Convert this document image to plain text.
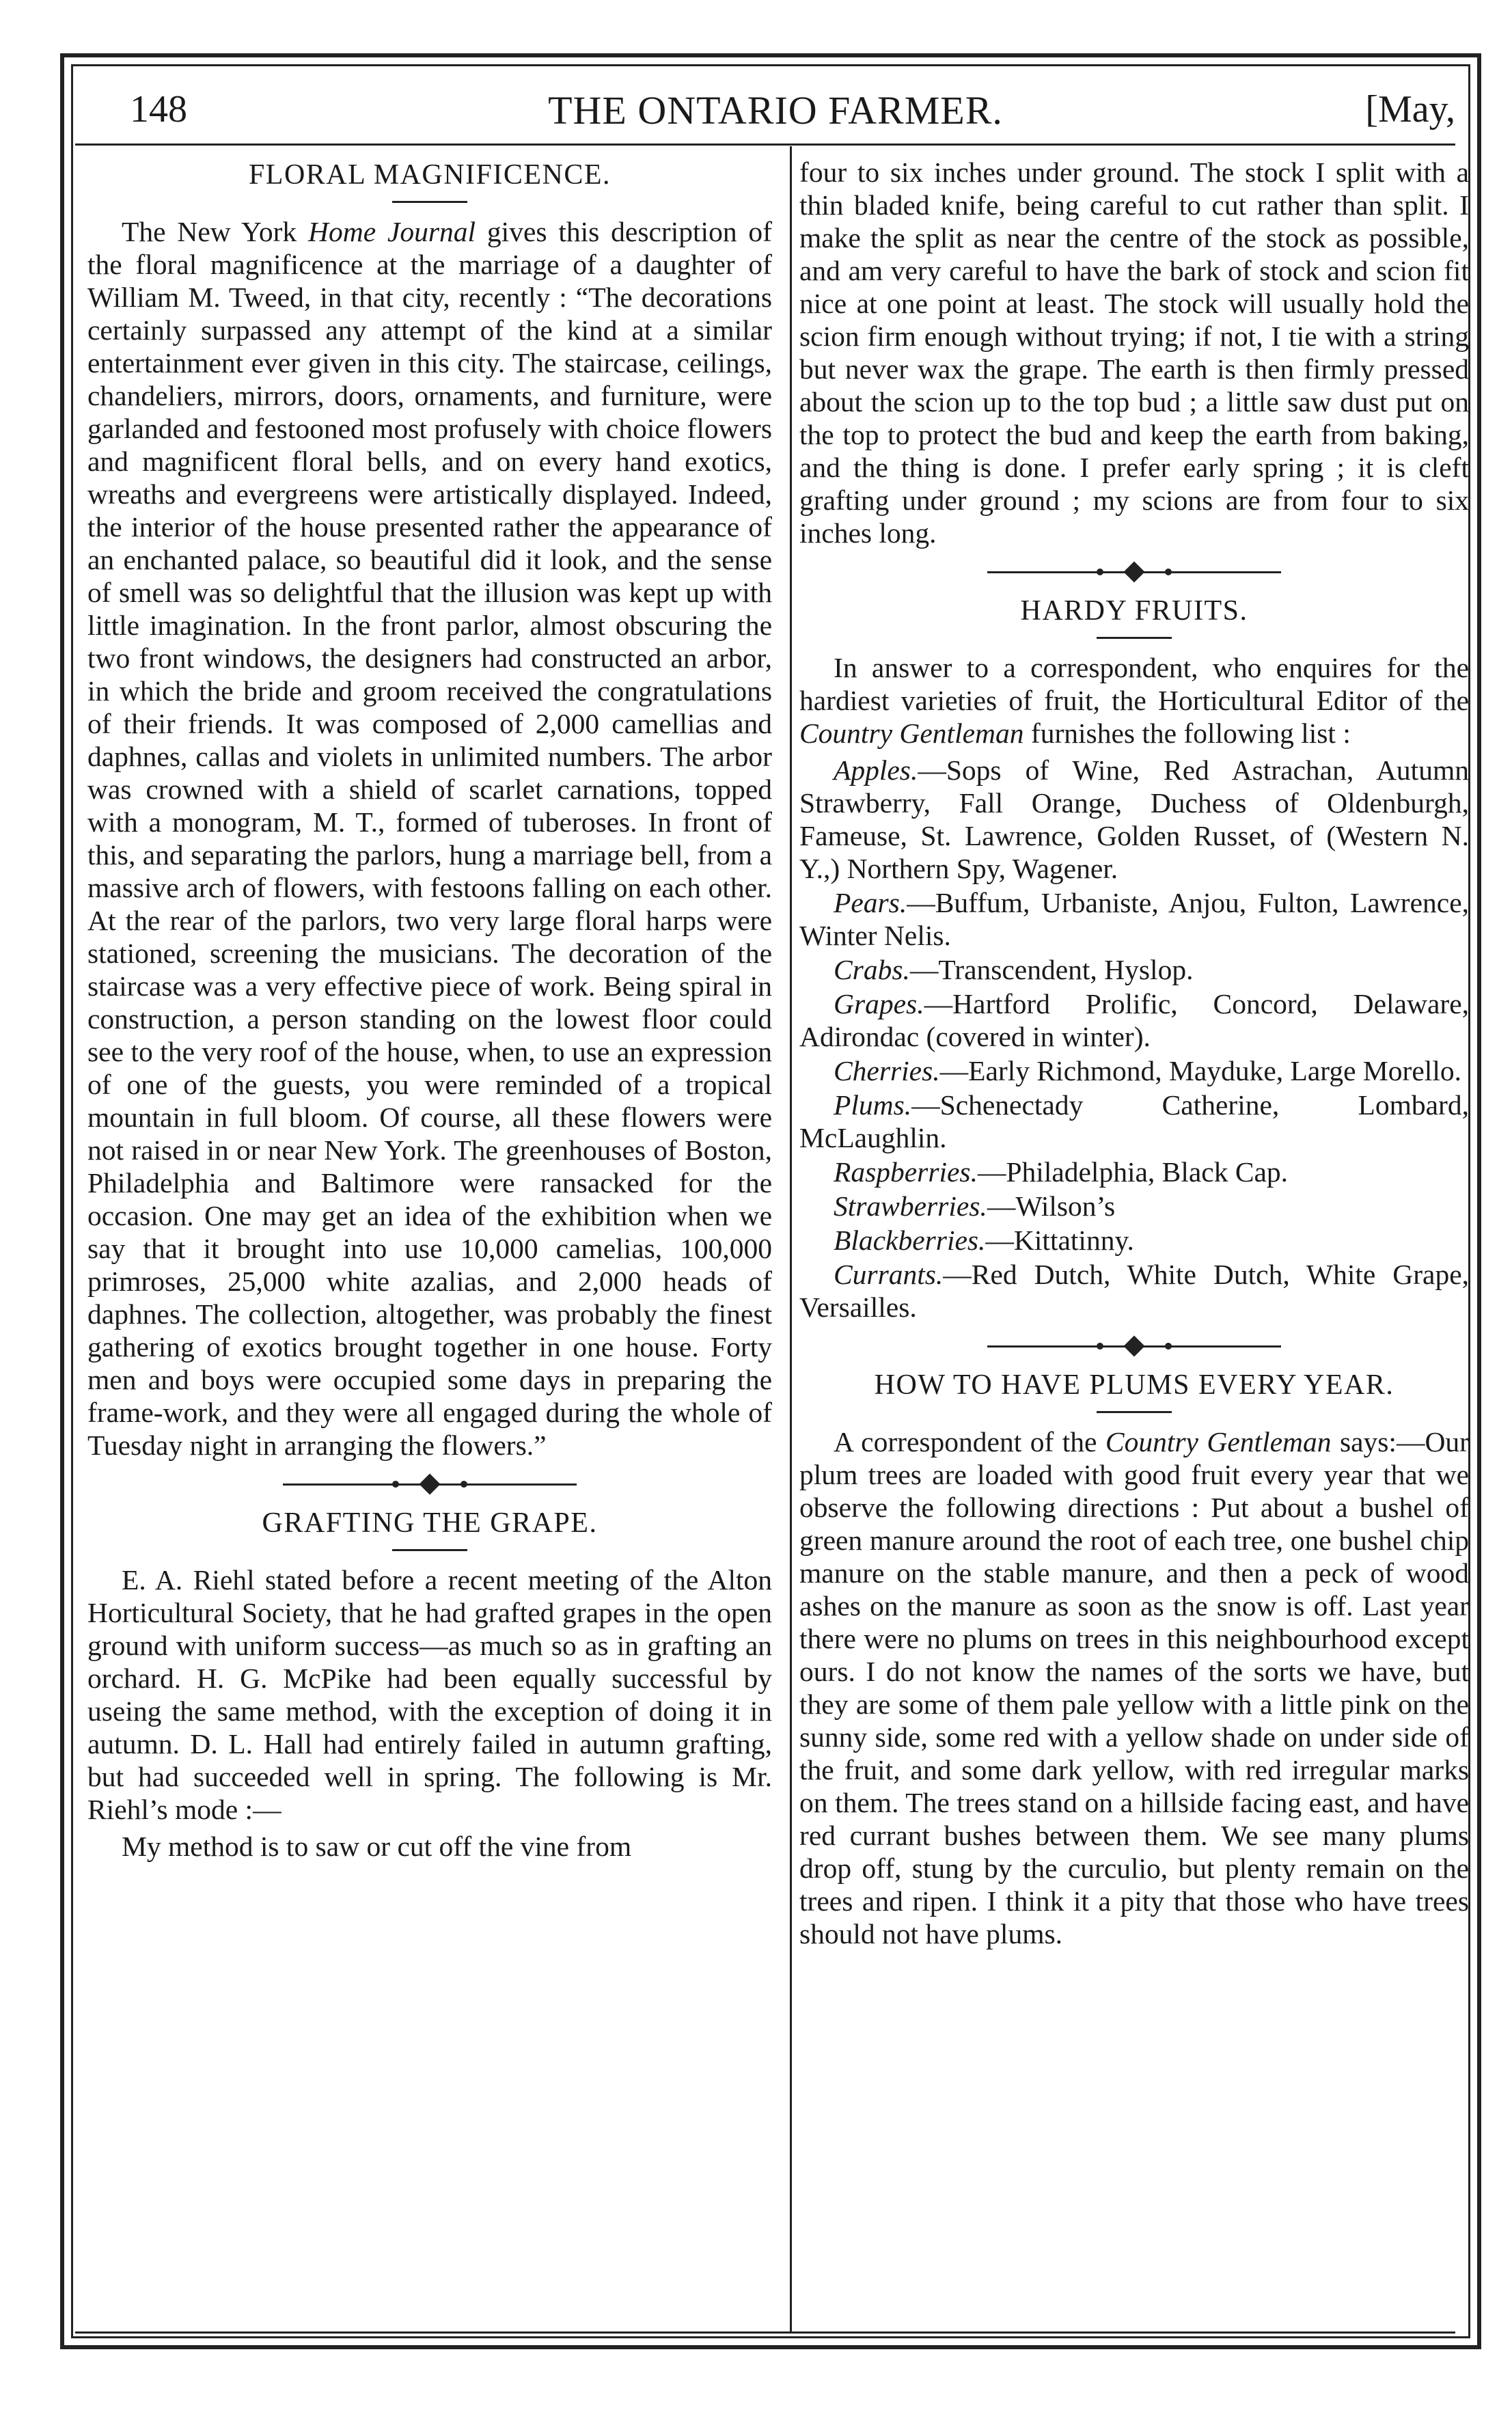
148	THE ONTARIO FARMER.	[May,
FLORAL MAGNIFICENCE.

The New York Home Journal gives this description of the floral magnificence at the marriage of a daughter of William M. Tweed, in that city, recently : “The decorations certainly surpassed any attempt of the kind at a similar entertainment ever given in this city. The staircase, ceilings, chandeliers, mirrors, doors, ornaments, and furniture, were garlanded and festooned most profusely with choice flowers and magnificent floral bells, and on every hand exotics, wreaths and evergreens were artistically displayed. Indeed, the interior of the house presented rather the appearance of an enchanted palace, so beautiful did it look, and the sense of smell was so delightful that the illusion was kept up with little imagination. In the front parlor, almost obscuring the two front windows, the designers had constructed an arbor, in which the bride and groom received the congratulations of their friends. It was composed of 2,000 camellias and daphnes, callas and violets in unlimited numbers. The arbor was crowned with a shield of scarlet carnations, topped with a monogram, M. T., formed of tuberoses. In front of this, and separating the parlors, hung a marriage bell, from a massive arch of flowers, with festoons falling on each other. At the rear of the parlors, two very large floral harps were stationed, screening the musicians. The decoration of the staircase was a very effective piece of work. Being spiral in construction, a person standing on the lowest floor could see to the very roof of the house, when, to use an expression of one of the guests, you were reminded of a tropical mountain in full bloom. Of course, all these flowers were not raised in or near New York. The greenhouses of Boston, Philadelphia and Baltimore were ransacked for the occasion. One may get an idea of the exhibition when we say that it brought into use 10,000 camelias, 100,000 primroses, 25,000 white azalias, and 2,000 heads of daphnes. The collection, altogether, was probably the finest gathering of exotics brought together in one house. Forty men and boys were occupied some days in preparing the frame-work, and they were all engaged during the whole of Tuesday night in arranging the flowers.”

GRAFTING THE GRAPE.

E. A. Riehl stated before a recent meeting of the Alton Horticultural Society, that he had grafted grapes in the open ground with uniform success—as much so as in grafting an orchard. H. G. McPike had been equally successful by useing the same method, with the exception of doing it in autumn. D. L. Hall had entirely failed in autumn grafting, but had succeeded well in spring. The following is Mr. Riehl’s mode :—

My method is to saw or cut off the vine from

four to six inches under ground. The stock I split with a thin bladed knife, being careful to cut rather than split. I make the split as near the centre of the stock as possible, and am very careful to have the bark of stock and scion fit nice at one point at least. The stock will usually hold the scion firm enough without trying; if not, I tie with a string but never wax the grape. The earth is then firmly pressed about the scion up to the top bud ; a little saw dust put on the top to protect the bud and keep the earth from baking, and the thing is done. I prefer early spring ; it is cleft grafting under ground ; my scions are from four to six inches long.

HARDY FRUITS.

In answer to a correspondent, who enquires for the hardiest varieties of fruit, the Horticultural Editor of the Country Gentleman furnishes the following list :

Apples.—Sops of Wine, Red Astrachan, Autumn Strawberry, Fall Orange, Duchess of Oldenburgh, Fameuse, St. Lawrence, Golden Russet, of (Western N. Y.,) Northern Spy, Wagener.

Pears.—Buffum, Urbaniste, Anjou, Fulton, Lawrence, Winter Nelis.

Crabs.—Transcendent, Hyslop.

Grapes.—Hartford Prolific, Concord, Delaware, Adirondac (covered in winter).

Cherries.—Early Richmond, Mayduke, Large Morello.

Plums.—Schenectady Catherine, Lombard, McLaughlin.

Raspberries.—Philadelphia, Black Cap.

Strawberries.—Wilson’s

Blackberries.—Kittatinny.

Currants.—Red Dutch, White Dutch, White Grape, Versailles.

HOW TO HAVE PLUMS EVERY YEAR.

A correspondent of the Country Gentleman says:—Our plum trees are loaded with good fruit every year that we observe the following directions : Put about a bushel of green manure around the root of each tree, one bushel chip manure on the stable manure, and then a peck of wood ashes on the manure as soon as the snow is off. Last year there were no plums on trees in this neighbourhood except ours. I do not know the names of the sorts we have, but they are some of them pale yellow with a little pink on the sunny side, some red with a yellow shade on under side of the fruit, and some dark yellow, with red irregular marks on them. The trees stand on a hillside facing east, and have red currant bushes between them. We see many plums drop off, stung by the curculio, but plenty remain on the trees and ripen. I think it a pity that those who have trees should not have plums.
